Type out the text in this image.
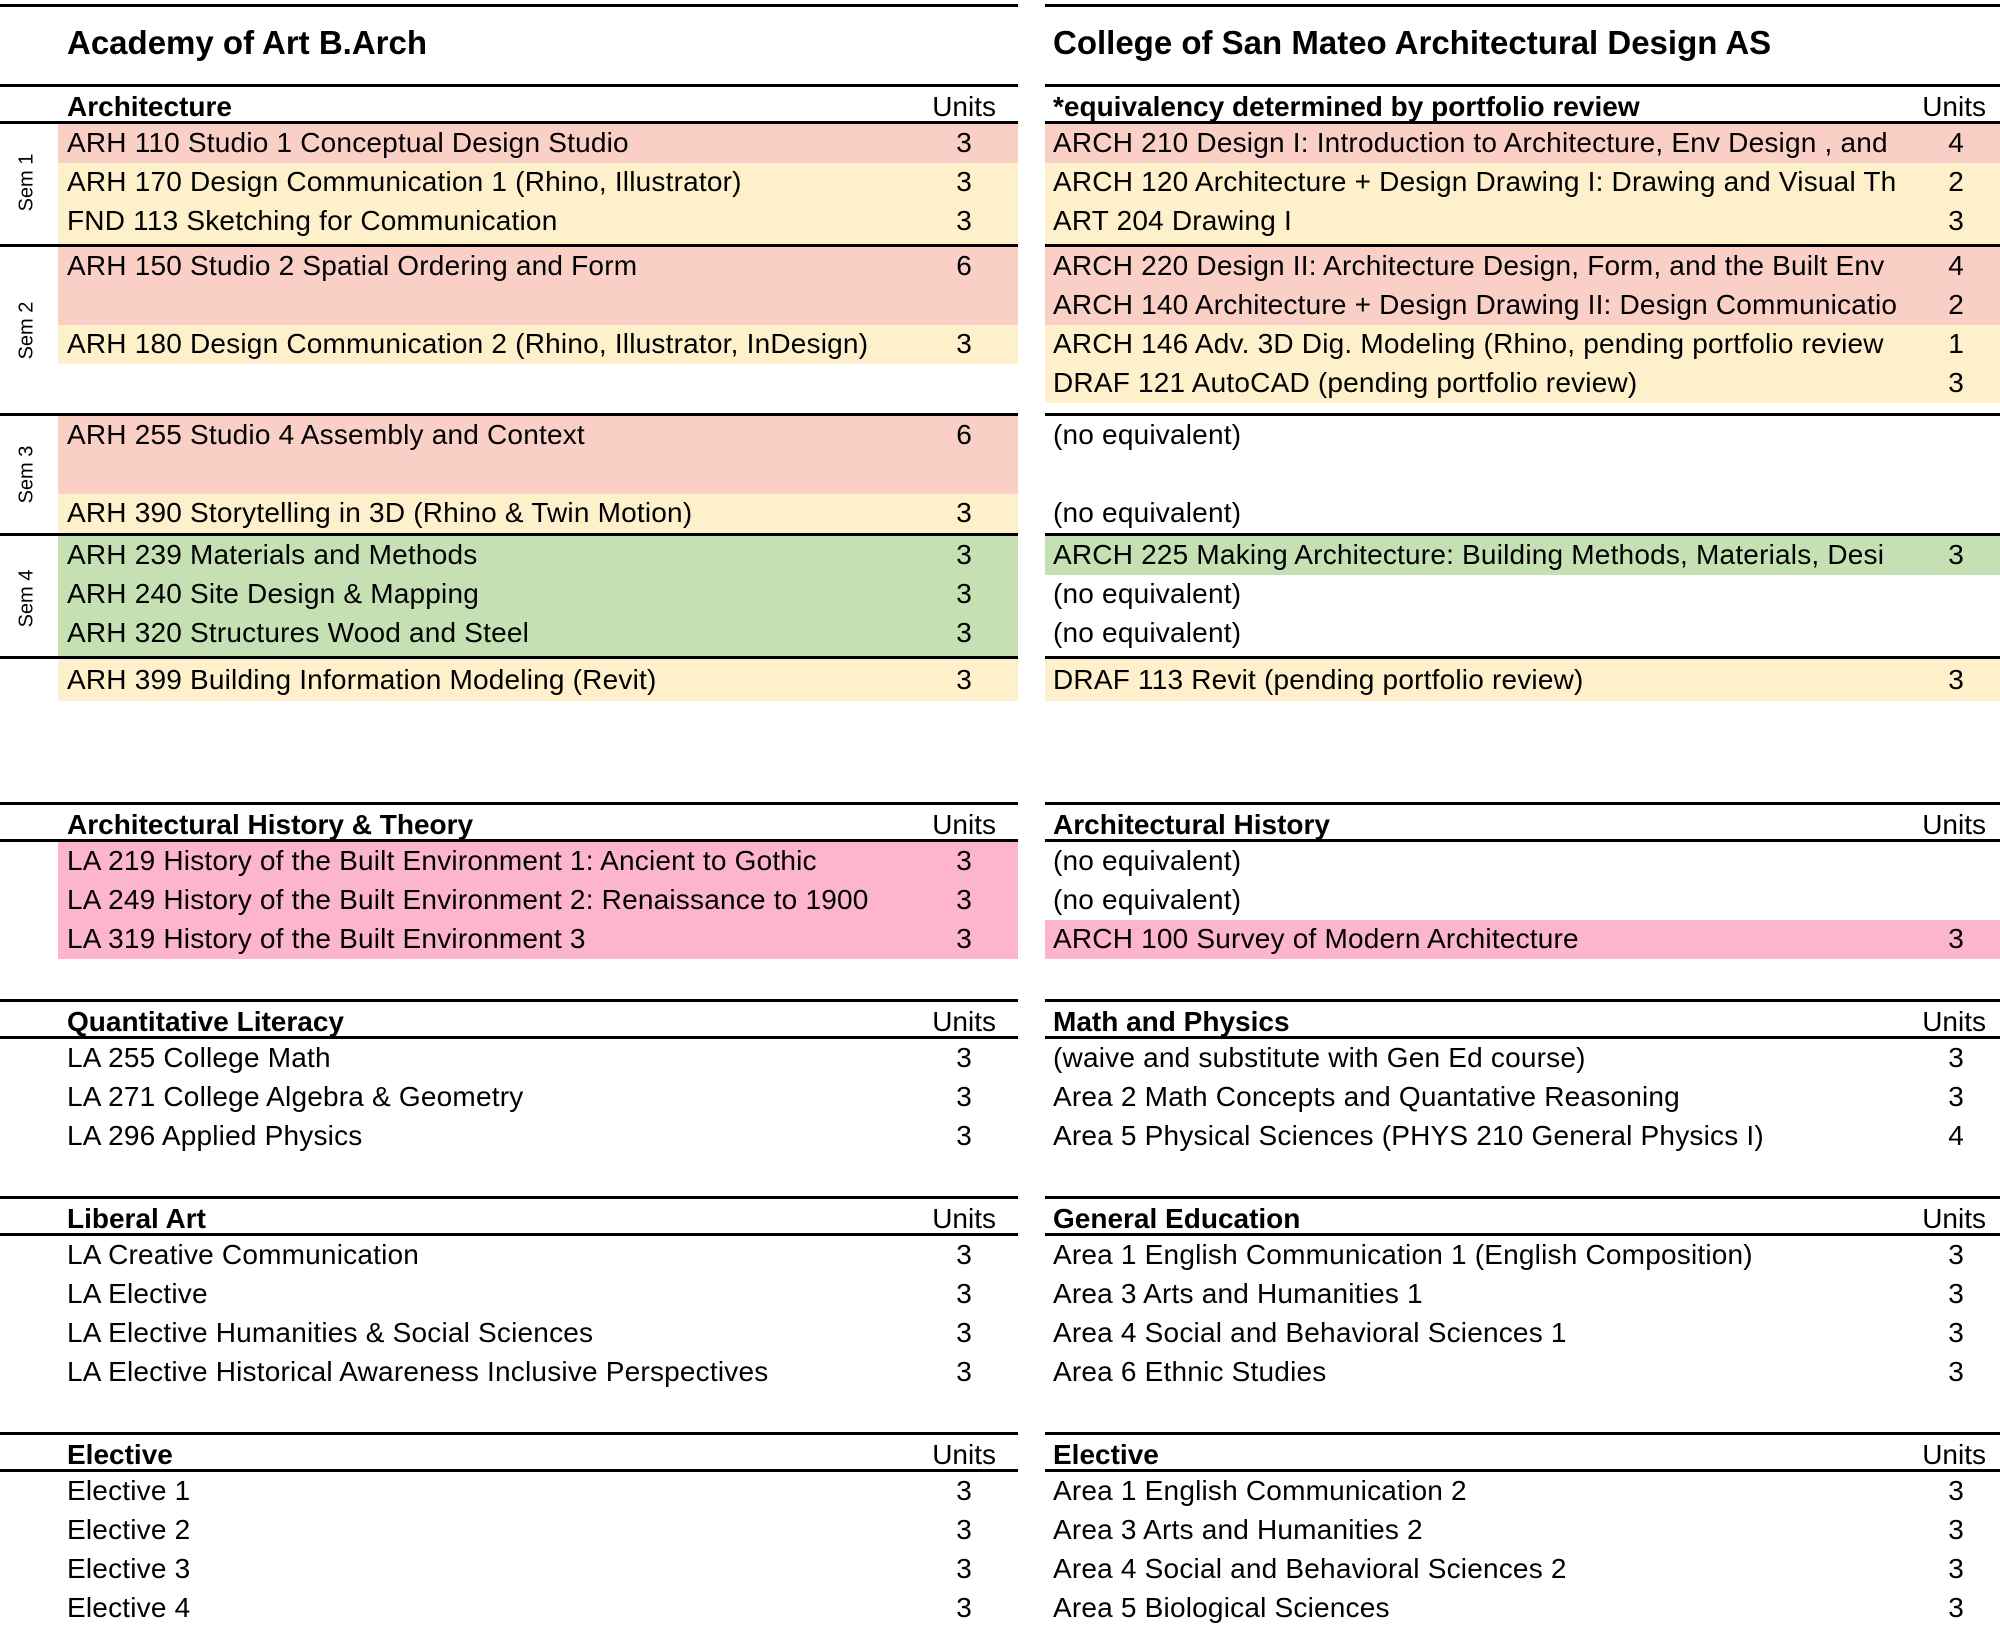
Academy of Art B.Arch
Architecture	Units
Sem 1
ARH 110 Studio 1 Conceptual Design Studio	3
ARH 170 Design Communication 1 (Rhino, Illustrator)	3
FND 113 Sketching for Communication	3
Sem 2
ARH 150 Studio 2 Spatial Ordering and Form	6
ARH 180 Design Communication 2 (Rhino, Illustrator, InDesign)	3
Sem 3
ARH 255 Studio 4 Assembly and Context	6
ARH 390 Storytelling in 3D (Rhino & Twin Motion)	3
Sem 4
ARH 239 Materials and Methods	3
ARH 240 Site Design & Mapping	3
ARH 320 Structures Wood and Steel	3
ARH 399 Building Information Modeling (Revit)	3
Architectural History & Theory	Units
LA 219 History of the Built Environment 1: Ancient to Gothic	3
LA 249 History of the Built Environment 2: Renaissance to 1900	3
LA 319 History of the Built Environment 3	3
Quantitative Literacy	Units
LA 255 College Math	3
LA 271 College Algebra & Geometry	3
LA 296 Applied Physics	3
Liberal Art	Units
LA Creative Communication	3
LA Elective	3
LA Elective Humanities & Social Sciences	3
LA Elective Historical Awareness Inclusive Perspectives	3
Elective	Units
Elective 1	3
Elective 2	3
Elective 3	3
Elective 4	3
College of San Mateo Architectural Design AS
*equivalency determined by portfolio review	Units
ARCH 210 Design I: Introduction to Architecture, Env Design , and 4
ARCH 120 Architecture + Design Drawing I: Drawing and Visual Th 2
ART 204 Drawing I	3
ARCH 220 Design II: Architecture Design, Form, and the Built Env 4
ARCH 140 Architecture + Design Drawing II: Design Communicatio 2
ARCH 146 Adv. 3D Dig. Modeling (Rhino, pending portfolio review 1
DRAF 121 AutoCAD (pending portfolio review)	3
(no equivalent)
(no equivalent)
ARCH 225 Making Architecture: Building Methods, Materials, Desi 3
(no equivalent)
(no equivalent)
DRAF 113 Revit (pending portfolio review)	3
Architectural History	Units
(no equivalent)
(no equivalent)
ARCH 100 Survey of Modern Architecture	3
Math and Physics	Units
(waive and substitute with Gen Ed course)	3
Area 2 Math Concepts and Quantative Reasoning	3
Area 5 Physical Sciences (PHYS 210 General Physics I)	4
General Education	Units
Area 1 English Communication 1 (English Composition)	3
Area 3 Arts and Humanities 1	3
Area 4 Social and Behavioral Sciences 1	3
Area 6 Ethnic Studies	3
Elective	Units
Area 1 English Communication 2	3
Area 3 Arts and Humanities 2	3
Area 4 Social and Behavioral Sciences 2	3
Area 5 Biological Sciences	3
